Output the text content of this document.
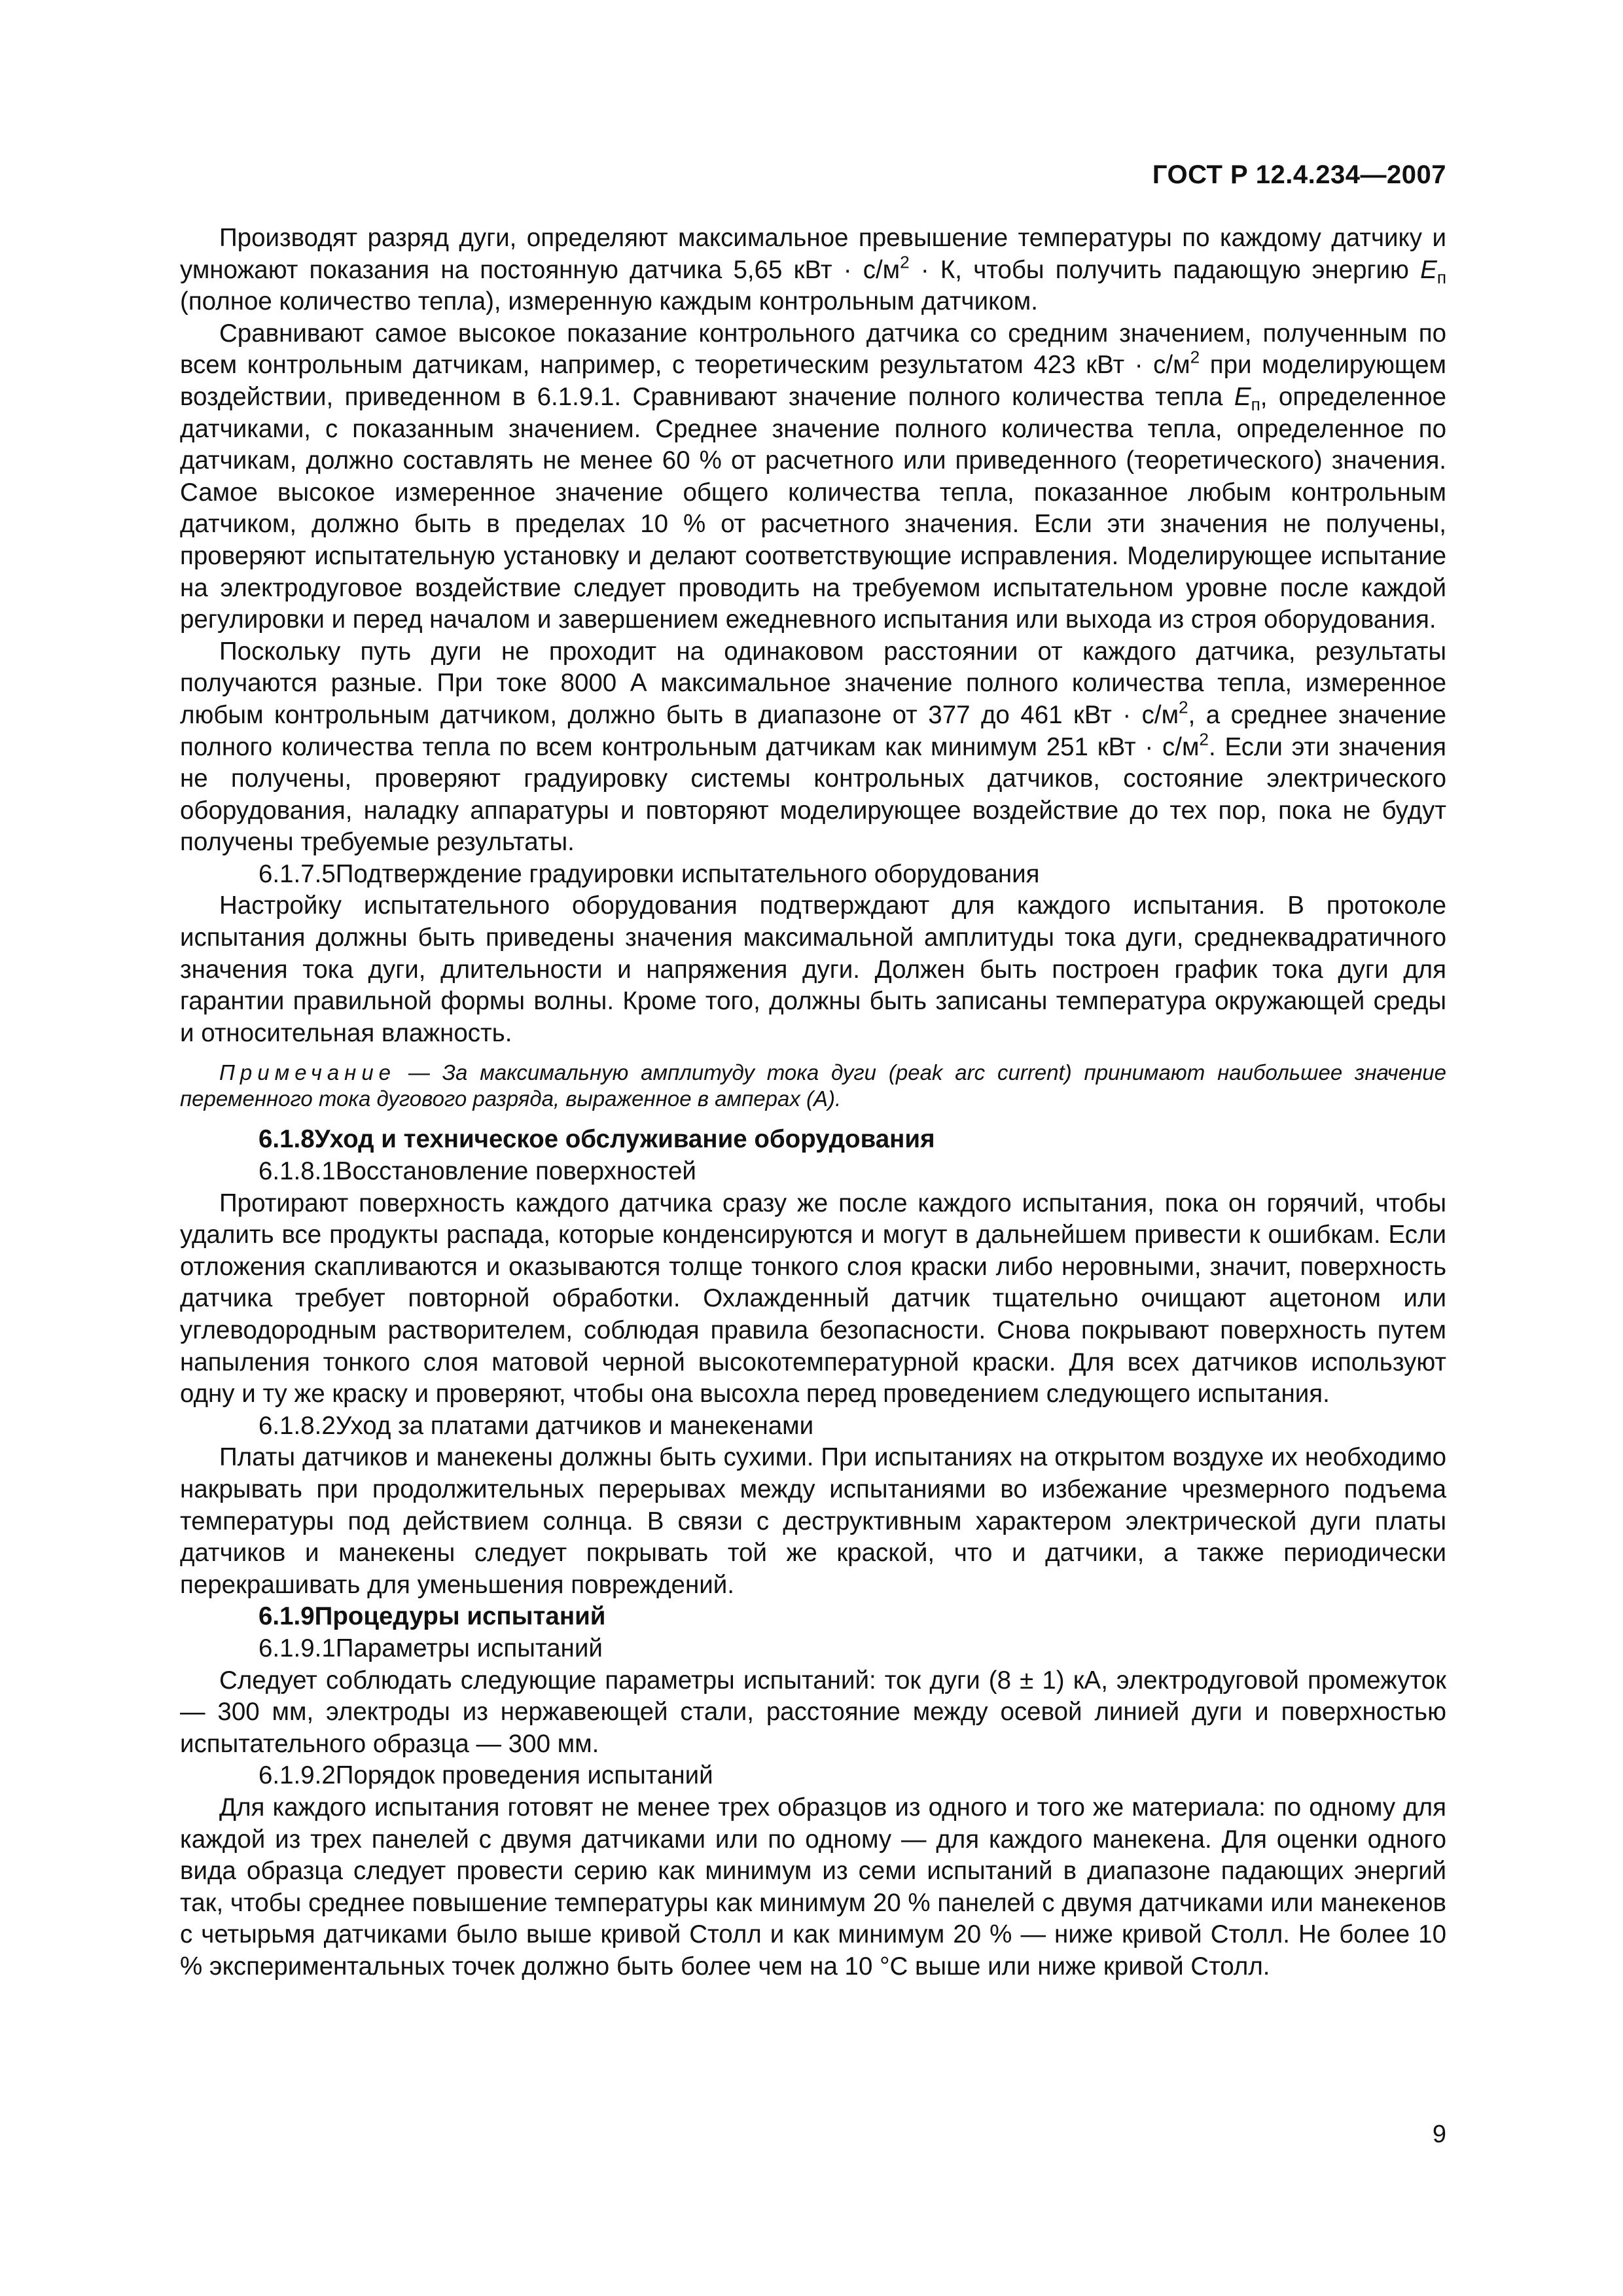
ГОСТ Р 12.4.234—2007

Производят разряд дуги, определяют максимальное превышение температуры по каждому датчику и умножают показания на постоянную датчика 5,65 кВт · $с/м^2 \cdot К$, чтобы получить падающую энергию $E_п$ (полное количество тепла), измеренную каждым контрольным датчиком.

Сравнивают самое высокое показание контрольного датчика со средним значением, полученным по всем контрольным датчикам, например, с теоретическим результатом 423 кВт · $с/м^2$ при моделирующем воздействии, приведенном в 6.1.9.1. Сравнивают значение полного количества тепла $E_п$, определенное датчиками, с показанным значением. Среднее значение полного количества тепла, определенное по датчикам, должно составлять не менее 60 % от расчетного или приведенного (теоретического) значения. Самое высокое измеренное значение общего количества тепла, показанное любым контрольным датчиком, должно быть в пределах 10 % от расчетного значения. Если эти значения не получены, проверяют испытательную установку и делают соответствующие исправления. Моделирующее испытание на электродуговое воздействие следует проводить на требуемом испытательном уровне после каждой регулировки и перед началом и завершением ежедневного испытания или выхода из строя оборудования.

Поскольку путь дуги не проходит на одинаковом расстоянии от каждого датчика, результаты получаются разные. При токе 8000 А максимальное значение полного количества тепла, измеренное любым контрольным датчиком, должно быть в диапазоне от 377 до 461 кВт · $с/м^2$, а среднее значение полного количества тепла по всем контрольным датчикам как минимум 251 кВт · $с/м^2$. Если эти значения не получены, проверяют градуировку системы контрольных датчиков, состояние электрического оборудования, наладку аппаратуры и повторяют моделирующее воздействие до тех пор, пока не будут получены требуемые результаты.

6.1.7.5Подтверждение градуировки испытательного оборудования

Настройку испытательного оборудования подтверждают для каждого испытания. В протоколе испытания должны быть приведены значения максимальной амплитуды тока дуги, среднеквадратичного значения тока дуги, длительности и напряжения дуги. Должен быть построен график тока дуги для гарантии правильной формы волны. Кроме того, должны быть записаны температура окружающей среды и относительная влажность.

Примечание — За максимальную амплитуду тока дуги (peak arc current) принимают наибольшее значение переменного тока дугового разряда, выраженное в амперах (А).

6.1.8Уход и техническое обслуживание оборудования

6.1.8.1Восстановление поверхностей

Протирают поверхность каждого датчика сразу же после каждого испытания, пока он горячий, чтобы удалить все продукты распада, которые конденсируются и могут в дальнейшем привести к ошибкам. Если отложения скапливаются и оказываются толще тонкого слоя краски либо неровными, значит, поверхность датчика требует повторной обработки. Охлажденный датчик тщательно очищают ацетоном или углеводородным растворителем, соблюдая правила безопасности. Снова покрывают поверхность путем напыления тонкого слоя матовой черной высокотемпературной краски. Для всех датчиков используют одну и ту же краску и проверяют, чтобы она высохла перед проведением следующего испытания.

6.1.8.2Уход за платами датчиков и манекенами

Платы датчиков и манекены должны быть сухими. При испытаниях на открытом воздухе их необходимо накрывать при продолжительных перерывах между испытаниями во избежание чрезмерного подъема температуры под действием солнца. В связи с деструктивным характером электрической дуги платы датчиков и манекены следует покрывать той же краской, что и датчики, а также периодически перекрашивать для уменьшения повреждений.

6.1.9Процедуры испытаний

6.1.9.1Параметры испытаний

Следует соблюдать следующие параметры испытаний: ток дуги (8 ± 1) кА, электродуговой промежуток — 300 мм, электроды из нержавеющей стали, расстояние между осевой линией дуги и поверхностью испытательного образца — 300 мм.

6.1.9.2Порядок проведения испытаний

Для каждого испытания готовят не менее трех образцов из одного и того же материала: по одному для каждой из трех панелей с двумя датчиками или по одному — для каждого манекена. Для оценки одного вида образца следует провести серию как минимум из семи испытаний в диапазоне падающих энергий так, чтобы среднее повышение температуры как минимум 20 % панелей с двумя датчиками или манекенов с четырьмя датчиками было выше кривой Столл и как минимум 20 % — ниже кривой Столл. Не более 10 % экспериментальных точек должно быть более чем на 10 °С выше или ниже кривой Столл.

9
